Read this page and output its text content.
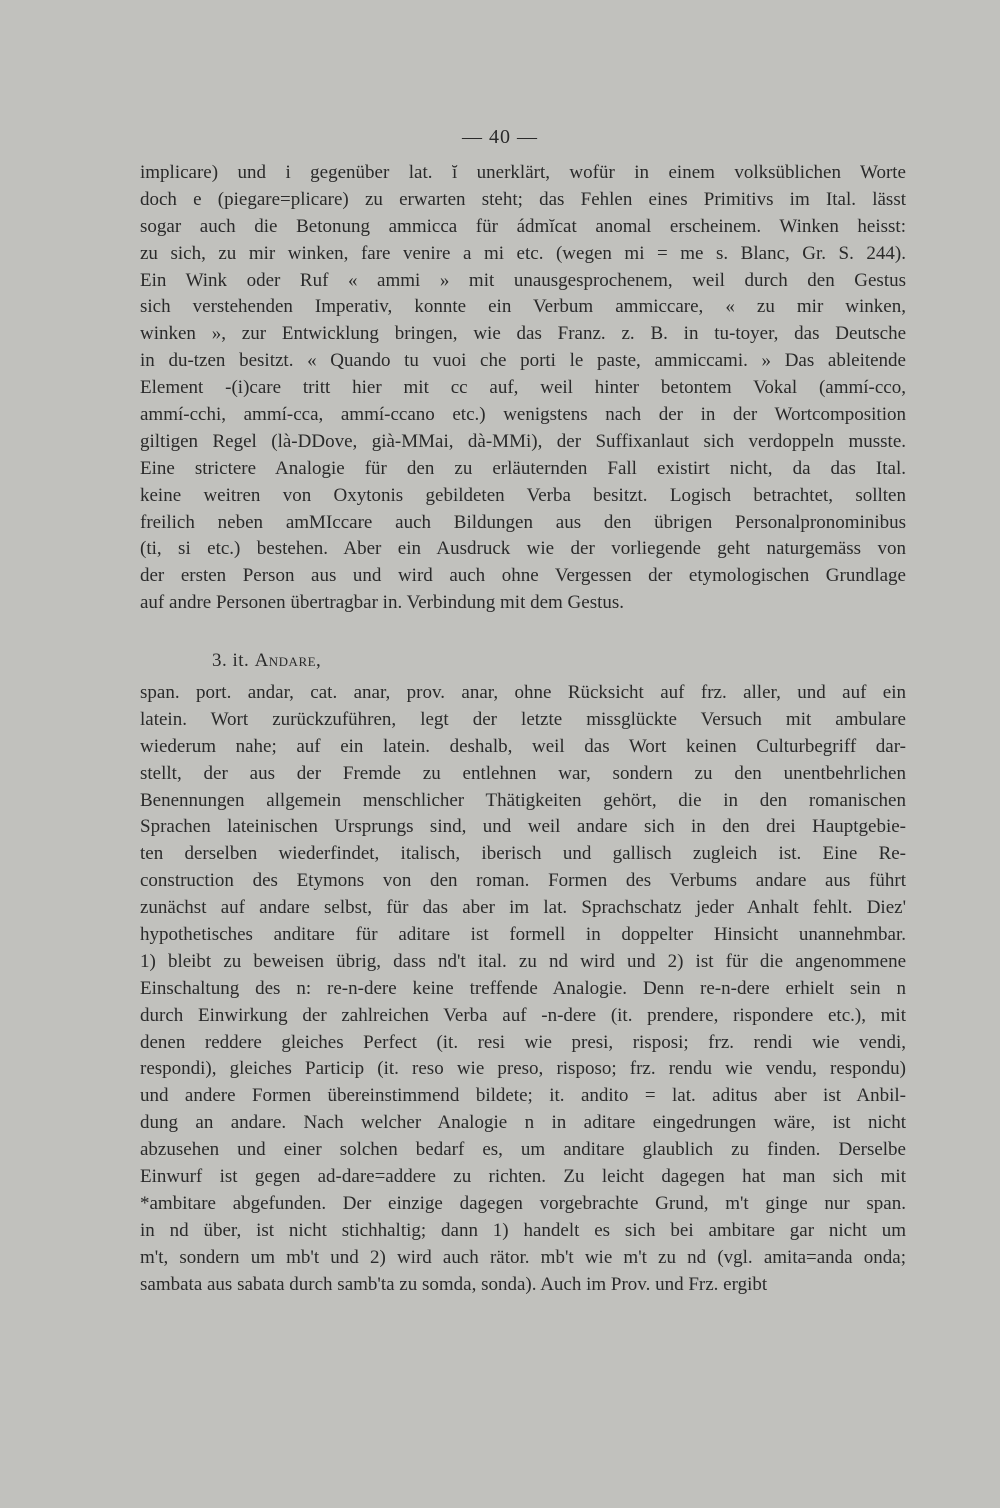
— 40 —
implicare) und i gegenüber lat. ĭ unerklärt, wofür in einem volksüblichen Worte
doch e (piegare=plicare) zu erwarten steht; das Fehlen eines Primitivs im Ital. lässt
sogar auch die Betonung ammicca für ádmĭcat anomal erscheinem. Winken heisst:
zu sich, zu mir winken, fare venire a mi etc. (wegen mi = me s. Blanc, Gr. S. 244).
Ein Wink oder Ruf « ammi » mit unausgesprochenem, weil durch den Gestus
sich verstehenden Imperativ, konnte ein Verbum ammiccare, « zu mir winken,
winken », zur Entwicklung bringen, wie das Franz. z. B. in tu-toyer, das Deutsche
in du-tzen besitzt. « Quando tu vuoi che porti le paste, ammiccami. » Das ableitende
Element -(i)care tritt hier mit cc auf, weil hinter betontem Vokal (ammí-cco,
ammí-cchi, ammí-cca, ammí-ccano etc.) wenigstens nach der in der Wortcomposition
giltigen Regel (là-DDove, già-MMai, dà-MMi), der Suffixanlaut sich verdoppeln musste.
Eine strictere Analogie für den zu erläuternden Fall existirt nicht, da das Ital.
keine weitren von Oxytonis gebildeten Verba besitzt. Logisch betrachtet, sollten
freilich neben amMIccare auch Bildungen aus den übrigen Personalpronominibus
(ti, si etc.) bestehen. Aber ein Ausdruck wie der vorliegende geht naturgemäss von
der ersten Person aus und wird auch ohne Vergessen der etymologischen Grundlage
auf andre Personen übertragbar in. Verbindung mit dem Gestus.
3. it. Andare,
span. port. andar, cat. anar, prov. anar, ohne Rücksicht auf frz. aller, und auf ein
latein. Wort zurückzuführen, legt der letzte missglückte Versuch mit ambulare
wiederum nahe; auf ein latein. deshalb, weil das Wort keinen Culturbegriff dar-
stellt, der aus der Fremde zu entlehnen war, sondern zu den unentbehrlichen
Benennungen allgemein menschlicher Thätigkeiten gehört, die in den romanischen
Sprachen lateinischen Ursprungs sind, und weil andare sich in den drei Hauptgebie-
ten derselben wiederfindet, italisch, iberisch und gallisch zugleich ist. Eine Re-
construction des Etymons von den roman. Formen des Verbums andare aus führt
zunächst auf andare selbst, für das aber im lat. Sprachschatz jeder Anhalt fehlt. Diez'
hypothetisches anditare für aditare ist formell in doppelter Hinsicht unannehmbar.
1) bleibt zu beweisen übrig, dass nd't ital. zu nd wird und 2) ist für die angenommene
Einschaltung des n: re-n-dere keine treffende Analogie. Denn re-n-dere erhielt sein n
durch Einwirkung der zahlreichen Verba auf -n-dere (it. prendere, rispondere etc.), mit
denen reddere gleiches Perfect (it. resi wie presi, risposi; frz. rendi wie vendi,
respondi), gleiches Particip (it. reso wie preso, risposo; frz. rendu wie vendu, respondu)
und andere Formen übereinstimmend bildete; it. andito = lat. aditus aber ist Anbil-
dung an andare. Nach welcher Analogie n in aditare eingedrungen wäre, ist nicht
abzusehen und einer solchen bedarf es, um anditare glaublich zu finden. Derselbe
Einwurf ist gegen ad-dare=addere zu richten. Zu leicht dagegen hat man sich mit
*ambitare abgefunden. Der einzige dagegen vorgebrachte Grund, m't ginge nur span.
in nd über, ist nicht stichhaltig; dann 1) handelt es sich bei ambitare gar nicht um
m't, sondern um mb't und 2) wird auch rätor. mb't wie m't zu nd (vgl. amita=anda onda;
sambata aus sabata durch samb'ta zu somda, sonda). Auch im Prov. und Frz. ergibt
